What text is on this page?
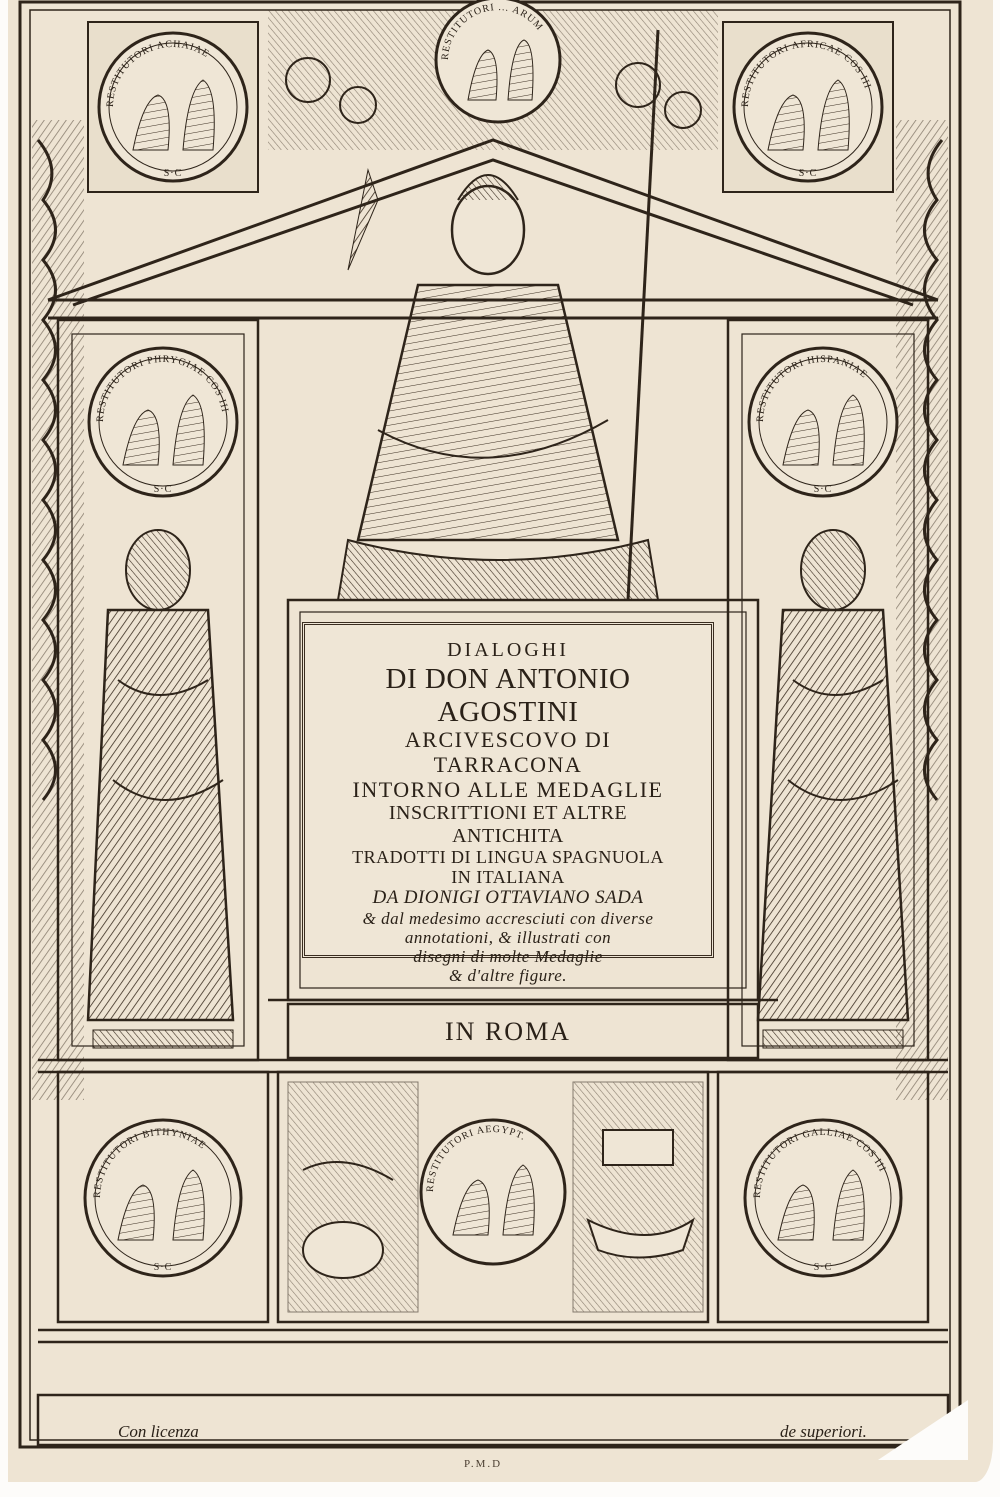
DIALOGHI
DI DON ANTONIO AGOSTINI
ARCIVESCOVO DI
TARRACONA
INTORNO ALLE MEDAGLIE
INSCRITTIONI ET ALTRE
ANTICHITA
TRADOTTI DI LINGUA SPAGNUOLA
IN ITALIANA
DA DIONIGI OTTAVIANO SADA
& dal medesimo accresciuti con diverse
annotationi, & illustrati con
disegni di molte Medaglie
& d'altre figure.
IN ROMA
Con licenza	de superiori.
P.M.D
RESTITUTORI ACHAIAE
RESTITUTORI AFRICAE COS III
RESTITUTORI ... ARUM
RESTITUTORI PHRYGIAE COS III
RESTITUTORI HISPANIAE
RESTITUTORI BITHYNIAE
RESTITUTORI AEGYPT.
RESTITUTORI GALLIAE COS III
S·C	S·C
S·C	S·C
S·C	S·C
